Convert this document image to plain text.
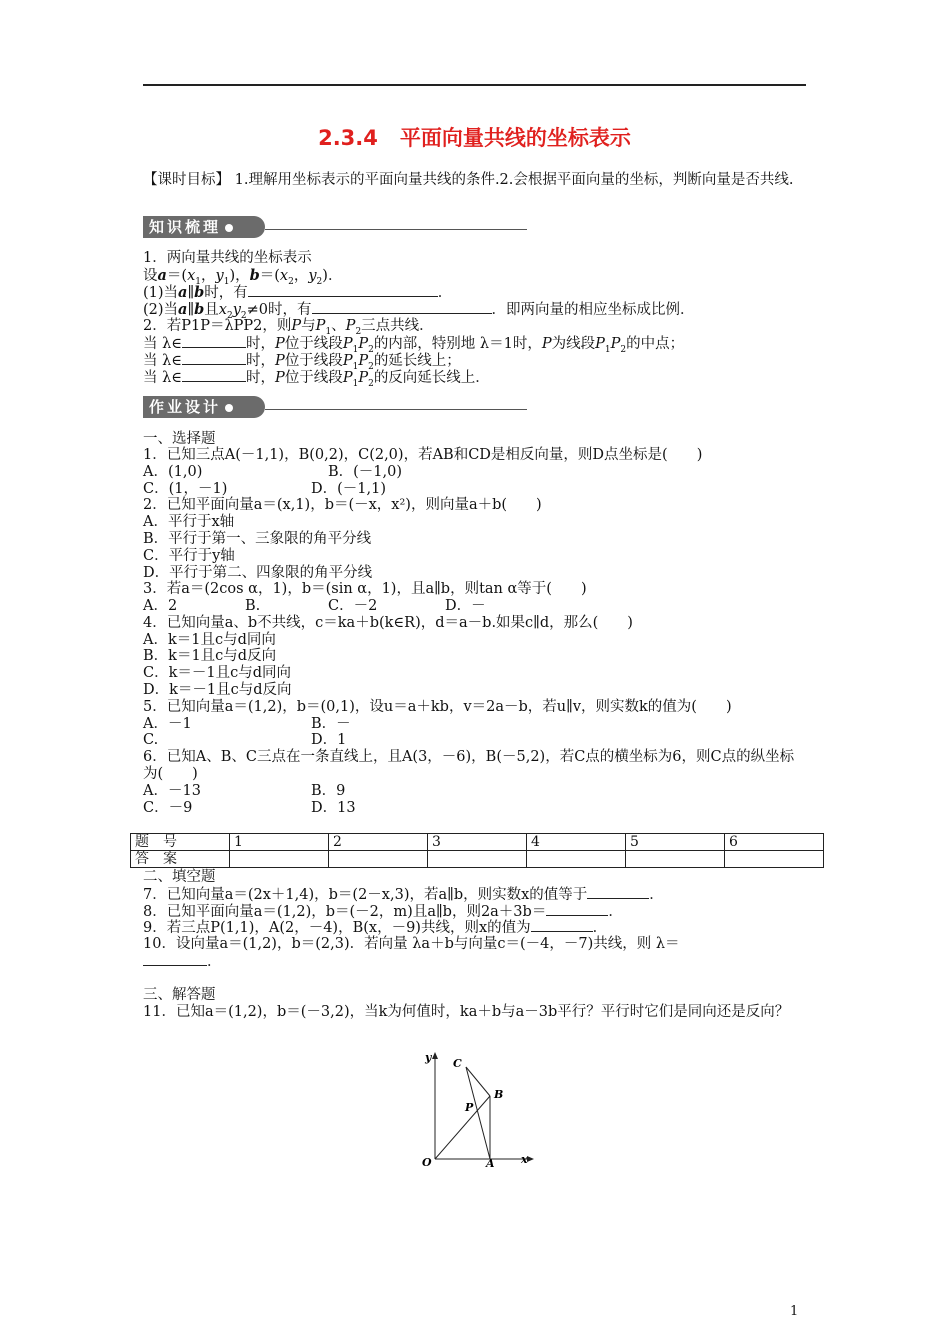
2.3.4 平面向量共线的坐标表示
【课时目标】 1.理解用坐标表示的平面向量共线的条件.2.会根据平面向量的坐标，判断向量是否共线.
知识梳理
1．两向量共线的坐标表示
设$a=(x_1$，$y_1$)，$b=(x_2$，$y_2$)．
(1)当a∥b时，有	．
(2)当a∥b且$x_2y_2\ne 0$时，有	．即两向量的相应坐标成比例．
2．若P1P＝λPP2，则P与$P_1$、$P_2$三点共线．
当 λ∈	时，P位于线段$P_1P_2$的内部，特别地 λ＝1时，P为线段$P_1P_2$的中点；
当 λ∈	时，P位于线段$P_1P_2$的延长线上；
当 λ∈	时，P位于线段$P_1P_2$的反向延长线上．
作业设计
一、选择题
1．已知三点A(－1,1)，B(0,2)，C(2,0)，若AB和CD是相反向量，则D点坐标是(　　)
A．(1,0)	B．(－1,0)
C．(1，－1)	D．(－1,1)
2．已知平面向量a＝(x,1)，b＝(－x，x²)，则向量a＋b(　　)
A．平行于x轴
B．平行于第一、三象限的角平分线
C．平行于y轴
D．平行于第二、四象限的角平分线
3．若a＝(2cos α，1)，b＝(sin α，1)，且a∥b，则tan α等于(　　)
A．2	B.	C．－2	D．－
4．已知向量a、b不共线，c＝ka＋b(k∈R)，d＝a－b.如果c∥d，那么(　　)
A．k＝1且c与d同向
B．k＝1且c与d反向
C．k＝－1且c与d同向
D．k＝－1且c与d反向
5．已知向量a＝(1,2)，b＝(0,1)，设u＝a＋kb，v＝2a－b，若u∥v，则实数k的值为(　　)
A．－1	B．－
C.	D．1
6．已知A、B、C三点在一条直线上，且A(3，－6)，B(－5,2)，若C点的横坐标为6，则C点的纵坐标为(　　)
A．－13	B．9
C．－9	D．13
题　号	1	2	3	4	5	6
答　案						
二、填空题
7．已知向量a＝(2x＋1,4)，b＝(2－x,3)，若a∥b，则实数x的值等于	．
8．已知平面向量a＝(1,2)，b＝(－2，m)且a∥b，则2a＋3b＝	．
9．若三点P(1,1)，A(2，－4)，B(x，－9)共线，则x的值为	．
10．设向量a＝(1,2)，b＝(2,3)．若向量 λa＋b与向量c＝(－4，－7)共线，则 λ＝
．
三、解答题
11．已知a＝(1,2)，b＝(－3,2)，当k为何值时，ka＋b与a－3b平行？平行时它们是同向还是反向？
y
x
O	A
B
C
P
1
